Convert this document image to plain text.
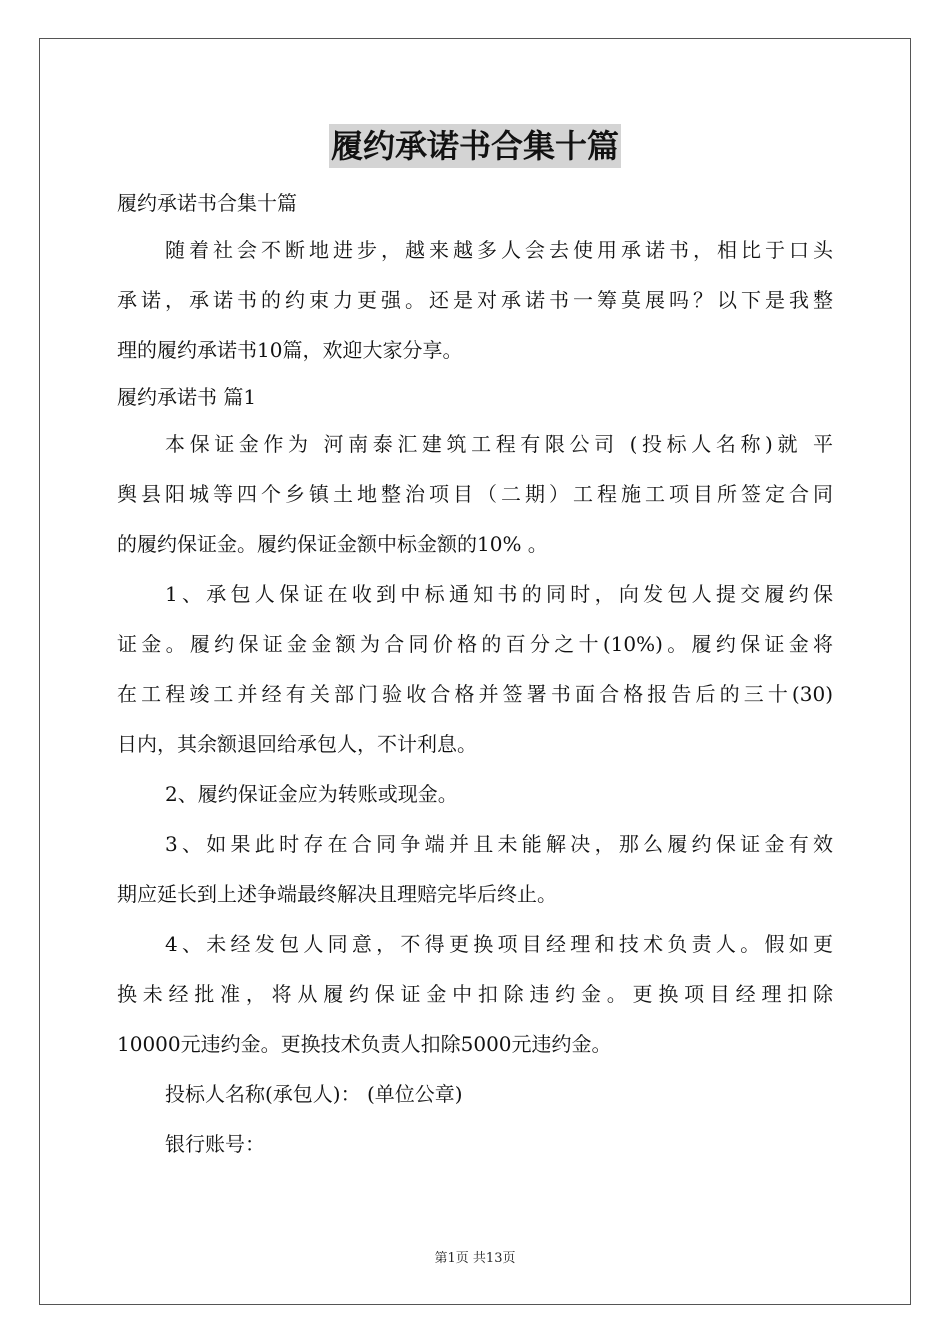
履约承诺书合集十篇
履约承诺书合集十篇
随着社会不断地进步，越来越多人会去使用承诺书，相比于口头
承诺，承诺书的约束力更强。还是对承诺书一筹莫展吗？以下是我整
理的履约承诺书10篇，欢迎大家分享。
履约承诺书 篇1
本保证金作为 河南泰汇建筑工程有限公司 (投标人名称)就 平
舆县阳城等四个乡镇土地整治项目（二期）工程施工项目所签定合同
的履约保证金。履约保证金额中标金额的10% 。
1、承包人保证在收到中标通知书的同时，向发包人提交履约保
证金。履约保证金金额为合同价格的百分之十(10%)。履约保证金将
在工程竣工并经有关部门验收合格并签署书面合格报告后的三十(30)
日内，其余额退回给承包人，不计利息。
2、履约保证金应为转账或现金。
3、如果此时存在合同争端并且未能解决，那么履约保证金有效
期应延长到上述争端最终解决且理赔完毕后终止。
4、未经发包人同意，不得更换项目经理和技术负责人。假如更
换未经批准，将从履约保证金中扣除违约金。更换项目经理扣除
10000元违约金。更换技术负责人扣除5000元违约金。
投标人名称(承包人)： (单位公章)
银行账号：
第1页 共13页
